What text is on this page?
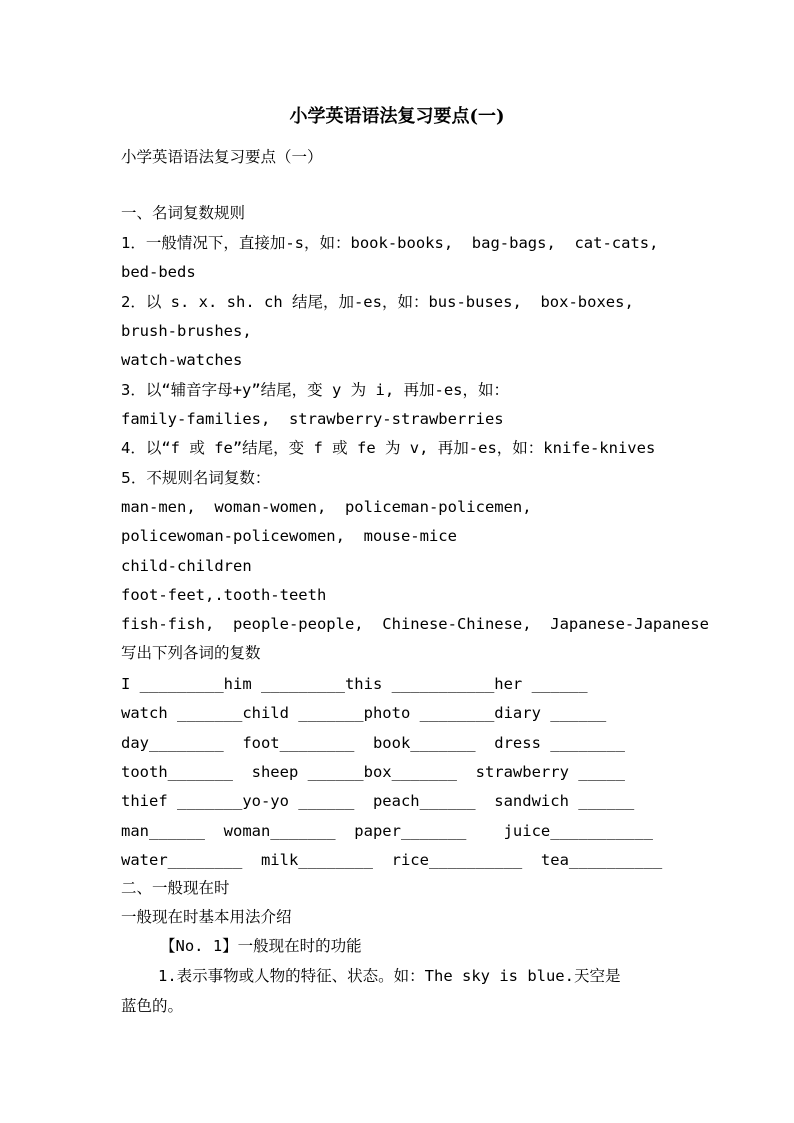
小学英语语法复习要点(一)
小学英语语法复习要点（一）
一、名词复数规则
1．一般情况下，直接加-s，如：book-books,  bag-bags,  cat-cats,
bed-beds
2．以 s. x. sh. ch 结尾，加-es，如：bus-buses,  box-boxes,
brush-brushes,
watch-watches
3．以“辅音字母+y”结尾，变 y 为 i, 再加-es，如：
family-families,  strawberry-strawberries
4．以“f 或 fe”结尾，变 f 或 fe 为 v, 再加-es，如：knife-knives
5．不规则名词复数：
man-men,  woman-women,  policeman-policemen,
policewoman-policewomen,  mouse-mice
child-children
foot-feet,.tooth-teeth
fish-fish,  people-people,  Chinese-Chinese,  Japanese-Japanese
写出下列各词的复数
I _________him _________this ___________her ______
watch _______child _______photo ________diary ______
day________  foot________  book_______  dress ________
tooth_______  sheep ______box_______  strawberry _____
thief _______yo-yo ______  peach______  sandwich ______
man______  woman_______  paper_______    juice___________
water________  milk________  rice__________  tea__________
二、一般现在时
一般现在时基本用法介绍
【No. 1】一般现在时的功能
1.表示事物或人物的特征、状态。如：The sky is blue.天空是
蓝色的。
